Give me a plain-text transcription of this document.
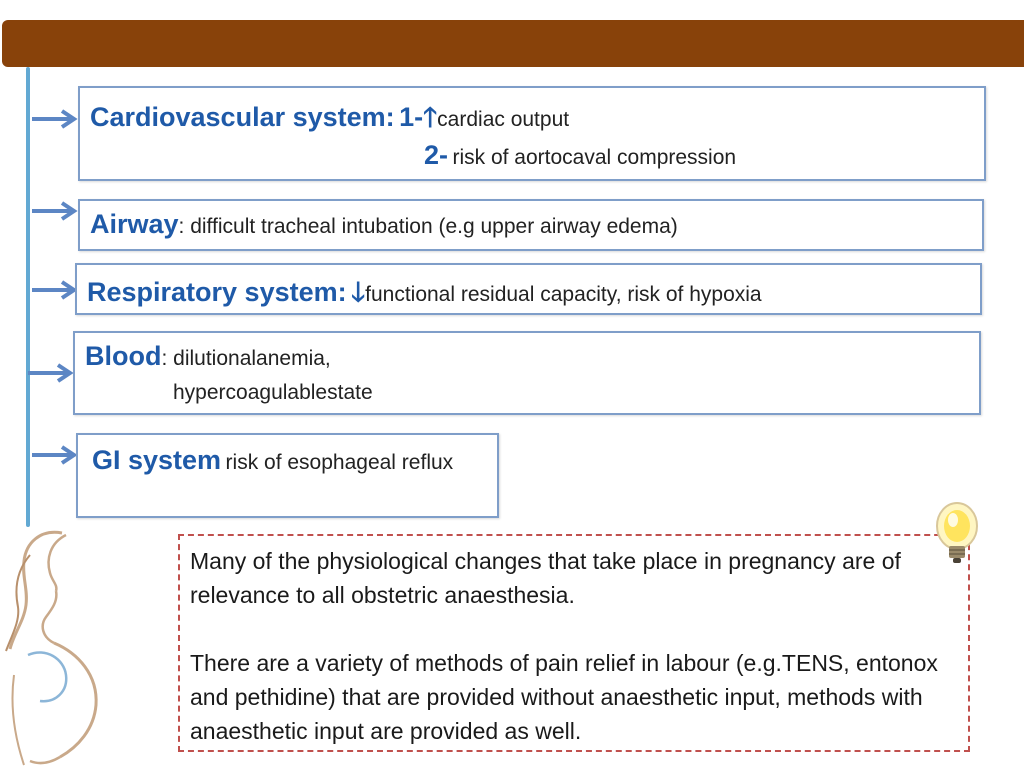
Cardiovascular system: 1-🡑cardiac output
2- risk of aortocaval compression
Airway: difficult tracheal intubation (e.g upper airway edema)
Respiratory system: 🡓functional residual capacity, risk of hypoxia
Blood: dilutionalanemia,
hypercoagulablestate
GI system risk of esophageal reflux

Many of the physiological changes that take place in pregnancy are of relevance to all obstetric anaesthesia.

There are a variety of methods of pain relief in labour (e.g.TENS, entonox and pethidine) that are provided without anaesthetic input, methods with anaesthetic input are provided as well.
